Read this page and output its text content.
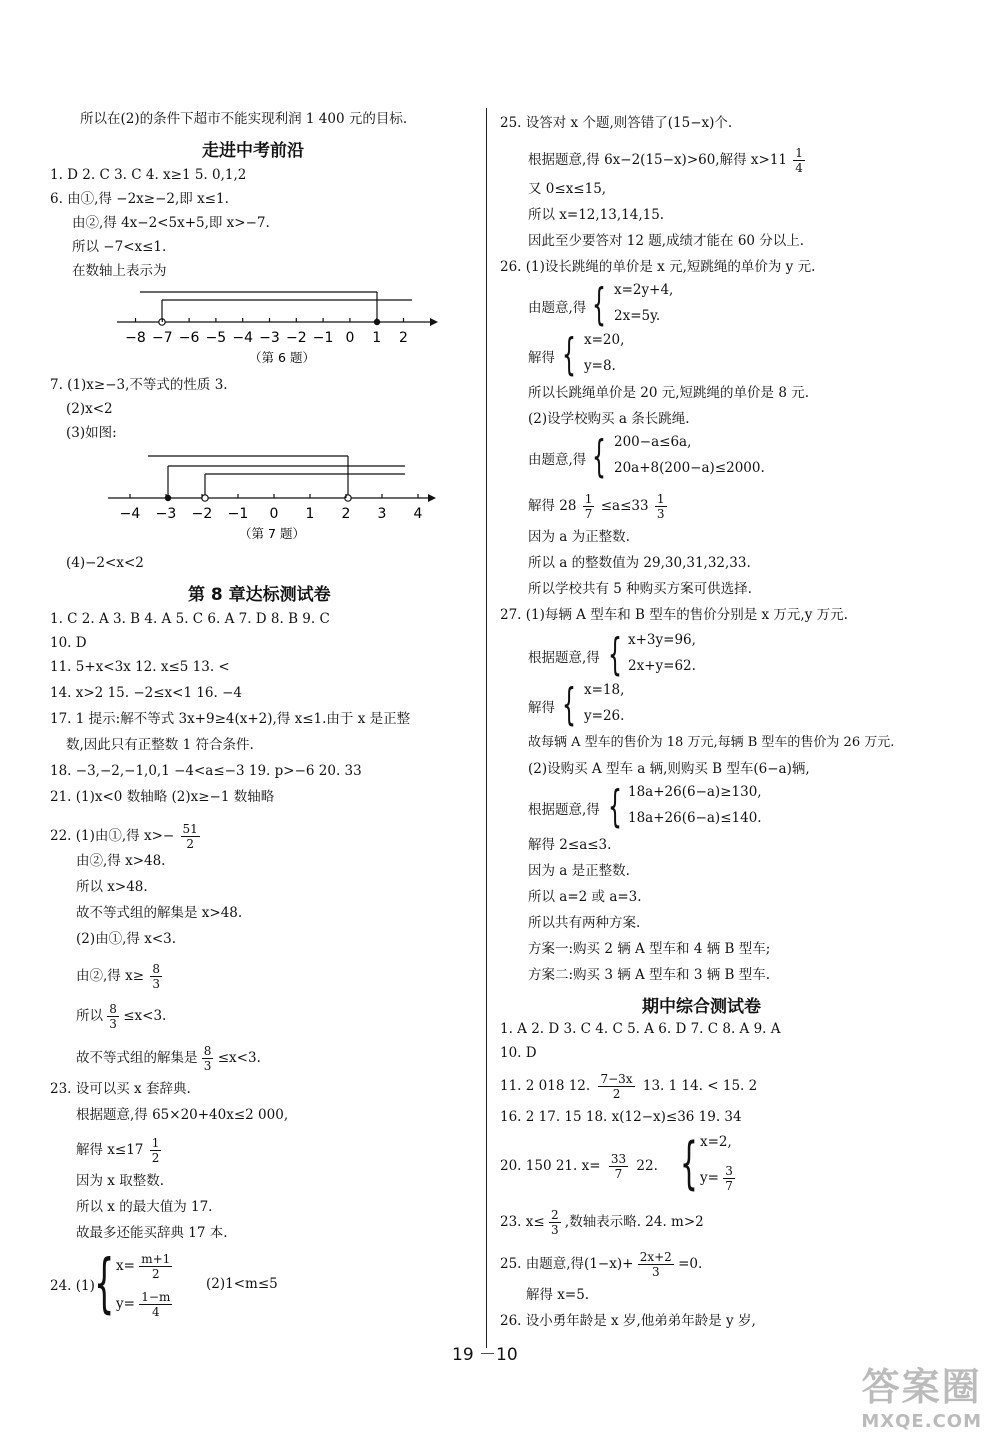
所以在(2)的条件下超市不能实现利润 1 400 元的目标.
走进中考前沿
1. D 2. C 3. C 4. x≥1 5. 0,1,2
6. 由①,得 −2x≥−2,即 x≤1.
由②,得 4x−2<5x+5,即 x>−7.
所以 −7<x≤1.
在数轴上表示为
−8 −7 −6 −5 −4 −3 −2 −1 0 1 2
（第 6 题）
7. (1)x≥−3,不等式的性质 3.
(2)x<2
(3)如图:
−4 −3 −2 −1 0 1 2 3 4
（第 7 题）
(4)−2<x<2
第 8 章达标测试卷
1. C 2. A 3. B 4. A 5. C 6. A 7. D 8. B 9. C
10. D
11. 5+x<3x 12. x≤5 13. <
14. x>2 15. −2≤x<1 16. −4
17. 1 提示:解不等式 3x+9≥4(x+2),得 x≤1.由于 x 是正整
数,因此只有正整数 1 符合条件.
18. −3,−2,−1,0,1 −4<a≤−3 19. p>−6 20. 33
21. (1)x<0 数轴略 (2)x≥−1 数轴略
22. (1)由①,得 $x>- \frac{51}{2}$
由②,得 x>48.
所以 x>48.
故不等式组的解集是 x>48.
(2)由①,得 x<3.
由②,得 $x\ge \frac{8}{3}$
所以 $\frac{8}{3} \le x<3$.
故不等式组的解集是 $\frac{8}{3} \le x<3$.
23. 设可以买 x 套辞典.
根据题意,得 65×20+40x≤2 000,
解得 $x\le 17 \frac{1}{2}$
因为 x 取整数.
所以 x 的最大值为 17.
故最多还能买辞典 17 本.
24. (1) { $x= \frac{m+1}{2}$
$y= \frac{1-m}{4}$
(2)1<m≤5
25. 设答对 x 个题,则答错了(15−x)个.
根据题意,得 6x−2(15−x)>60,解得 $x>11 \frac{1}{4}$
又 0≤x≤15,
所以 x=12,13,14,15.
因此至少要答对 12 题,成绩才能在 60 分以上.
26. (1)设长跳绳的单价是 x 元,短跳绳的单价为 y 元.
由题意,得 { x=2y+4,
2x=5y.
解得 { x=20,
y=8.
所以长跳绳单价是 20 元,短跳绳的单价是 8 元.
(2)设学校购买 a 条长跳绳.
由题意,得 { 200−a≤6a,
20a+8(200−a)≤2000.
解得 $28 \frac{1}{7} \le a\le 33 \frac{1}{3}$
因为 a 为正整数.
所以 a 的整数值为 29,30,31,32,33.
所以学校共有 5 种购买方案可供选择.
27. (1)每辆 A 型车和 B 型车的售价分别是 x 万元,y 万元.
根据题意,得 { x+3y=96,
2x+y=62.
解得 { x=18,
y=26.
故每辆 A 型车的售价为 18 万元,每辆 B 型车的售价为 26 万元.
(2)设购买 A 型车 a 辆,则购买 B 型车(6−a)辆,
根据题意,得 { 18a+26(6−a)≥130,
18a+26(6−a)≤140.
解得 2≤a≤3.
因为 a 是正整数.
所以 a=2 或 a=3.
所以共有两种方案.
方案一:购买 2 辆 A 型车和 4 辆 B 型车;
方案二:购买 3 辆 A 型车和 3 辆 B 型车.
期中综合测试卷
1. A 2. D 3. C 4. C 5. A 6. D 7. C 8. A 9. A
10. D
11. 2 018 12. $\frac{7-3x}{2} 13$. 1 14. < 15. 2
16. 2 17. 15 18. x(12−x)≤36 19. 34
20. 150 21. $x= \frac{33}{7} 22$. { x=2,
$y= \frac{3}{7}$
23. $x\le \frac{2}{3}$ ,数轴表示略. 24. m>2
25. 由题意,得$(1-x)+ \frac{2x+2}{3} =0$.
解得 x=5.
26. 设小勇年龄是 x 岁,他弟弟年龄是 y 岁,
19 －10
答案圈
MXQE.COM
